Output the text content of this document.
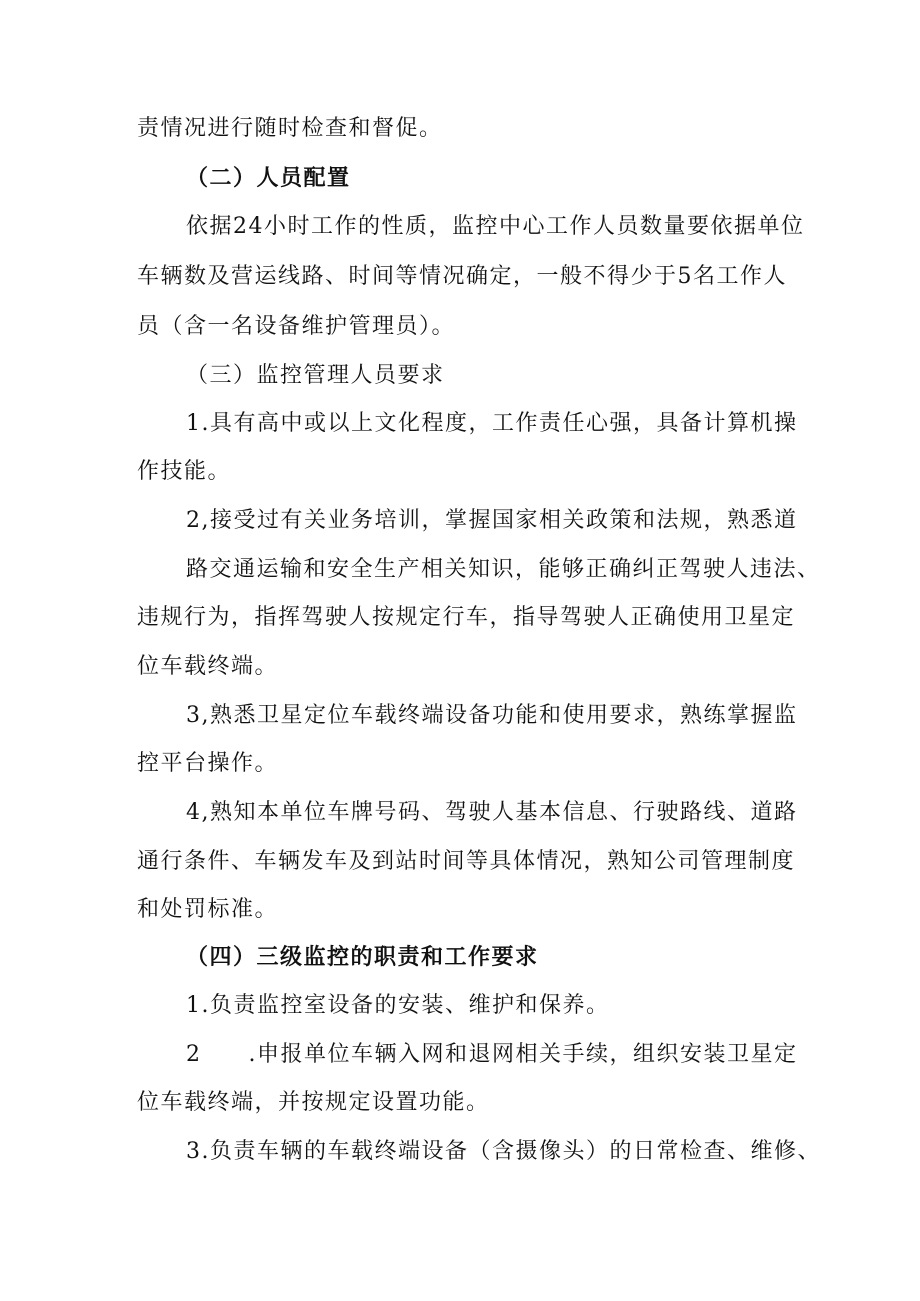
责情况进行随时检查和督促。
（二）人员配置
依据24小时工作的性质，监控中心工作人员数量要依据单位
车辆数及营运线路、时间等情况确定，一般不得少于5名工作人
员（含一名设备维护管理员）。
（三）监控管理人员要求
1.具有高中或以上文化程度，工作责任心强，具备计算机操
作技能。
2,接受过有关业务培训，掌握国家相关政策和法规，熟悉道
路交通运输和安全生产相关知识，能够正确纠正驾驶人违法、
违规行为，指挥驾驶人按规定行车，指导驾驶人正确使用卫星定
位车载终端。
3,熟悉卫星定位车载终端设备功能和使用要求，熟练掌握监
控平台操作。
4,熟知本单位车牌号码、驾驶人基本信息、行驶路线、道路
通行条件、车辆发车及到站时间等具体情况，熟知公司管理制度
和处罚标准。
（四）三级监控的职责和工作要求
1.负责监控室设备的安装、维护和保养。
2　　.申报单位车辆入网和退网相关手续，组织安装卫星定
位车载终端，并按规定设置功能。
3.负责车辆的车载终端设备（含摄像头）的日常检查、维修、
